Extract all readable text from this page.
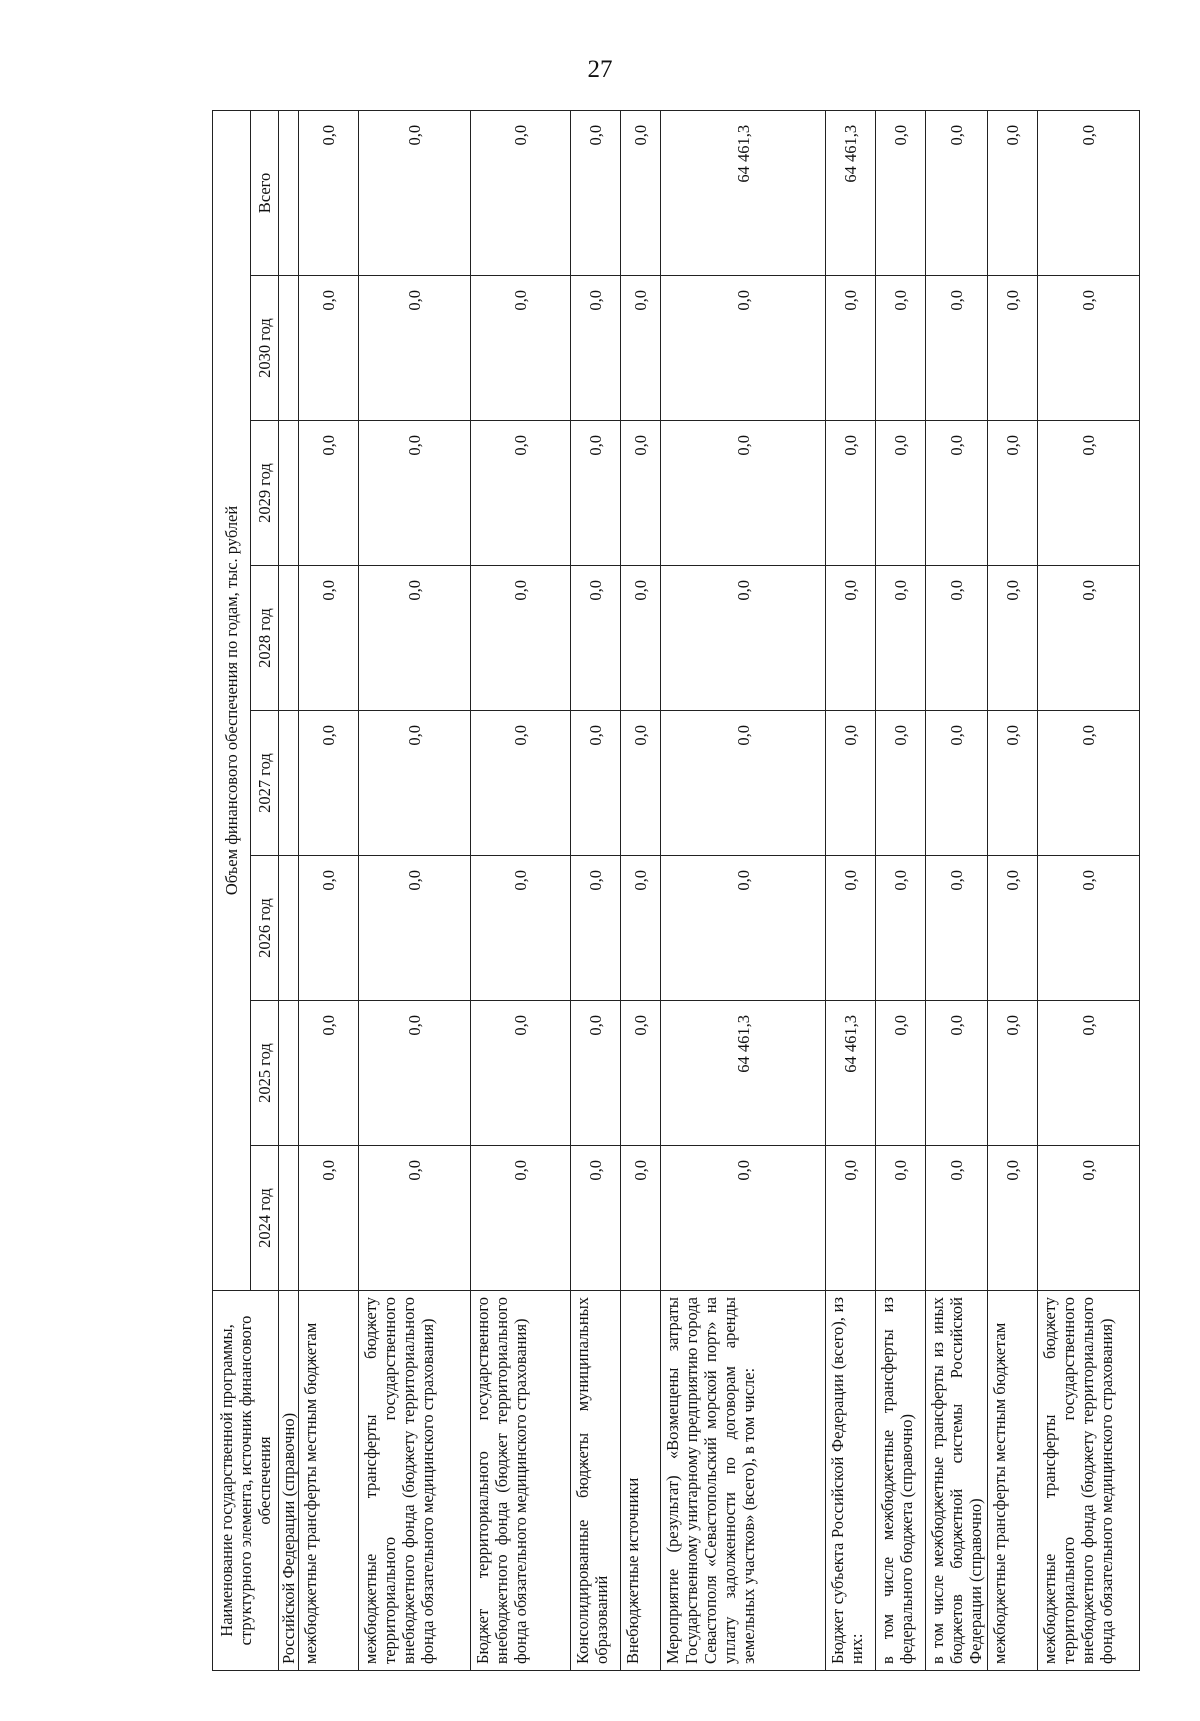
27
Наименование государственной программы, структурного элемента, источник финансового обеспечения	Объем финансового обеспечения по годам, тыс. рублей							
	2024 год	2025 год	2026 год	2027 год	2028 год	2029 год	2030 год	Всего
Российской Федерации (справочно)								
межбюджетные трансферты местным бюджетам	0,0	0,0	0,0	0,0	0,0	0,0	0,0	0,0
межбюджетные трансферты бюджету территориального государственного внебюджетного фонда (бюджету территориального фонда обязательного медицинского страхования)	0,0	0,0	0,0	0,0	0,0	0,0	0,0	0,0
Бюджет территориального государственного внебюджетного фонда (бюджет территориального фонда обязательного медицинского страхования)	0,0	0,0	0,0	0,0	0,0	0,0	0,0	0,0
Консолидированные бюджеты муниципальных образований	0,0	0,0	0,0	0,0	0,0	0,0	0,0	0,0
Внебюджетные источники	0,0	0,0	0,0	0,0	0,0	0,0	0,0	0,0
Мероприятие (результат) «Возмещены затраты Государственному унитарному предприятию города Севастополя «Севастопольский морской порт» на уплату задолженности по договорам аренды земельных участков» (всего), в том числе:	0,0	64 461,3	0,0	0,0	0,0	0,0	0,0	64 461,3
Бюджет субъекта Российской Федерации (всего), из них:	0,0	64 461,3	0,0	0,0	0,0	0,0	0,0	64 461,3
в том числе межбюджетные трансферты из федерального бюджета (справочно)	0,0	0,0	0,0	0,0	0,0	0,0	0,0	0,0
в том числе межбюджетные трансферты из иных бюджетов бюджетной системы Российской Федерации (справочно)	0,0	0,0	0,0	0,0	0,0	0,0	0,0	0,0
межбюджетные трансферты местным бюджетам	0,0	0,0	0,0	0,0	0,0	0,0	0,0	0,0
межбюджетные трансферты бюджету территориального государственного внебюджетного фонда (бюджету территориального фонда обязательного медицинского страхования)	0,0	0,0	0,0	0,0	0,0	0,0	0,0	0,0
